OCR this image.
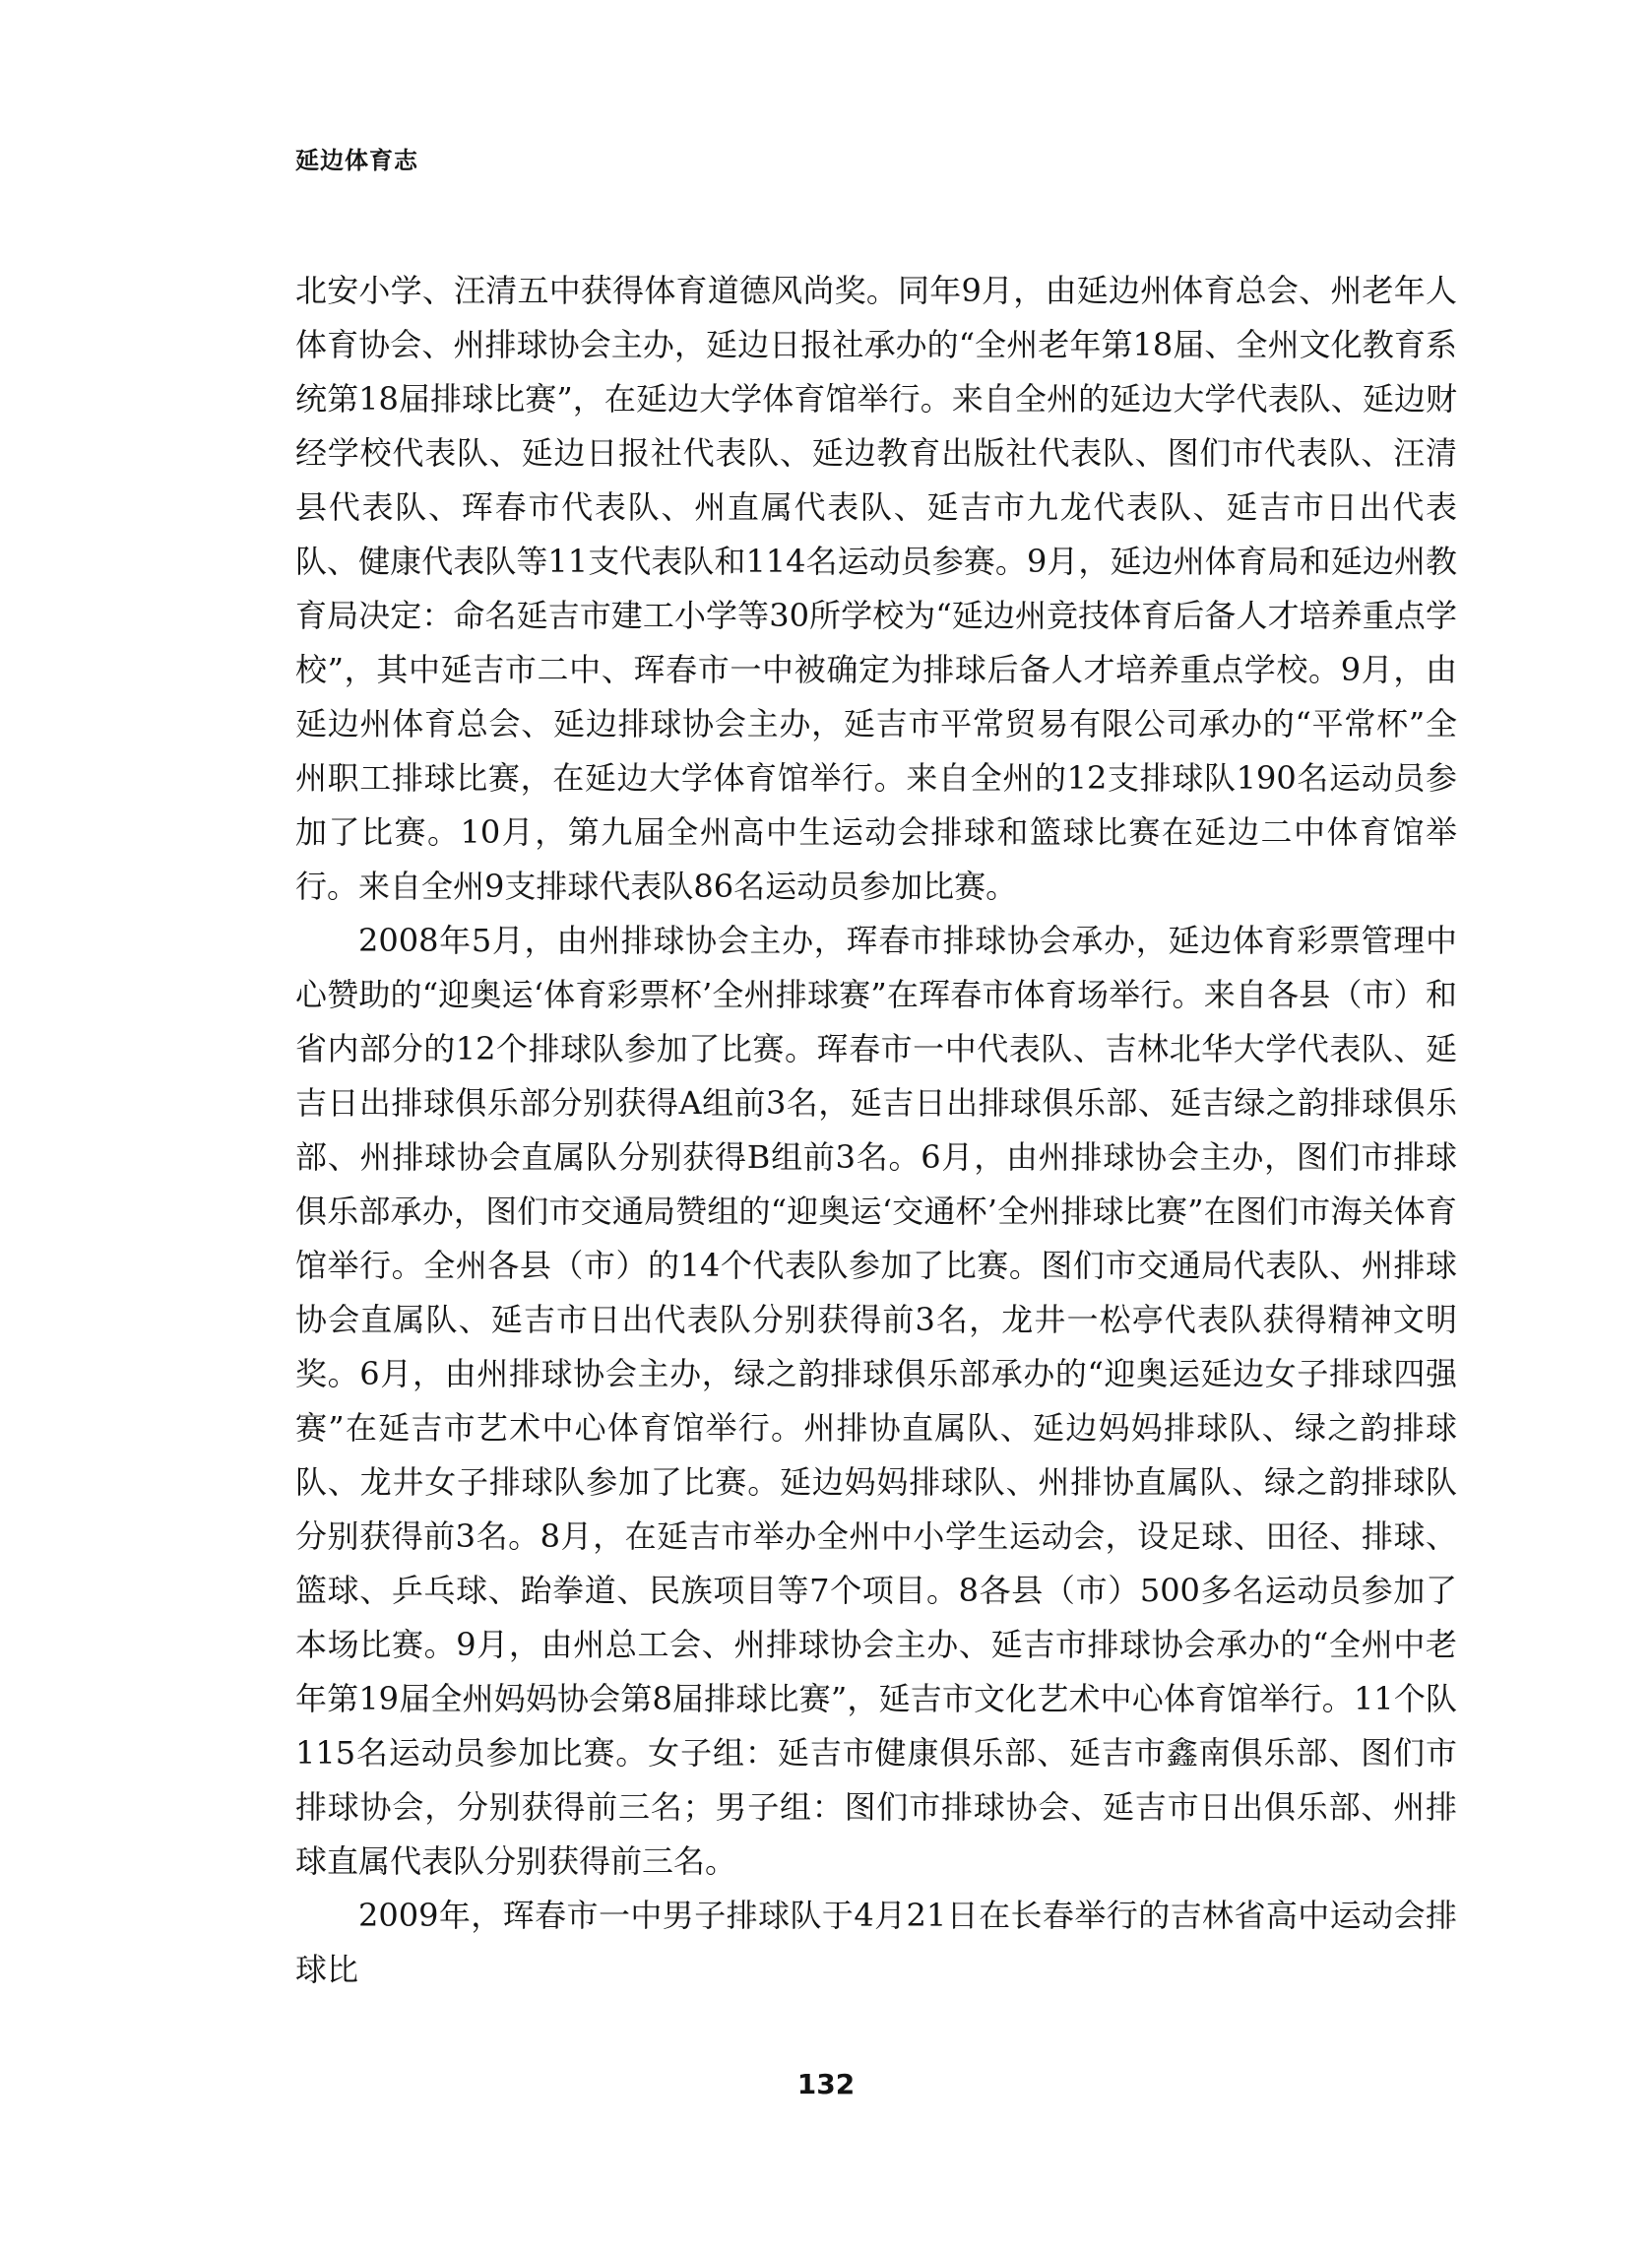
延边体育志

北安小学、汪清五中获得体育道德风尚奖。同年9月，由延边州体育总会、州老年人体育协会、州排球协会主办，延边日报社承办的“全州老年第18届、全州文化教育系统第18届排球比赛”，在延边大学体育馆举行。来自全州的延边大学代表队、延边财经学校代表队、延边日报社代表队、延边教育出版社代表队、图们市代表队、汪清县代表队、珲春市代表队、州直属代表队、延吉市九龙代表队、延吉市日出代表队、健康代表队等11支代表队和114名运动员参赛。9月，延边州体育局和延边州教育局决定：命名延吉市建工小学等30所学校为“延边州竞技体育后备人才培养重点学校”，其中延吉市二中、珲春市一中被确定为排球后备人才培养重点学校。9月，由延边州体育总会、延边排球协会主办，延吉市平常贸易有限公司承办的“平常杯”全州职工排球比赛，在延边大学体育馆举行。来自全州的12支排球队190名运动员参加了比赛。10月，第九届全州高中生运动会排球和篮球比赛在延边二中体育馆举行。来自全州9支排球代表队86名运动员参加比赛。

2008年5月，由州排球协会主办，珲春市排球协会承办，延边体育彩票管理中心赞助的“迎奥运‘体育彩票杯’全州排球赛”在珲春市体育场举行。来自各县（市）和省内部分的12个排球队参加了比赛。珲春市一中代表队、吉林北华大学代表队、延吉日出排球俱乐部分别获得A组前3名，延吉日出排球俱乐部、延吉绿之韵排球俱乐部、州排球协会直属队分别获得B组前3名。6月，由州排球协会主办，图们市排球俱乐部承办，图们市交通局赞组的“迎奥运‘交通杯’全州排球比赛”在图们市海关体育馆举行。全州各县（市）的14个代表队参加了比赛。图们市交通局代表队、州排球协会直属队、延吉市日出代表队分别获得前3名，龙井一松亭代表队获得精神文明奖。6月，由州排球协会主办，绿之韵排球俱乐部承办的“迎奥运延边女子排球四强赛”在延吉市艺术中心体育馆举行。州排协直属队、延边妈妈排球队、绿之韵排球队、龙井女子排球队参加了比赛。延边妈妈排球队、州排协直属队、绿之韵排球队分别获得前3名。8月，在延吉市举办全州中小学生运动会，设足球、田径、排球、篮球、乒乓球、跆拳道、民族项目等7个项目。8各县（市）500多名运动员参加了本场比赛。9月，由州总工会、州排球协会主办、延吉市排球协会承办的“全州中老年第19届全州妈妈协会第8届排球比赛”，延吉市文化艺术中心体育馆举行。11个队115名运动员参加比赛。女子组：延吉市健康俱乐部、延吉市鑫南俱乐部、图们市排球协会，分别获得前三名；男子组：图们市排球协会、延吉市日出俱乐部、州排球直属代表队分别获得前三名。

2009年，珲春市一中男子排球队于4月21日在长春举行的吉林省高中运动会排球比

132
